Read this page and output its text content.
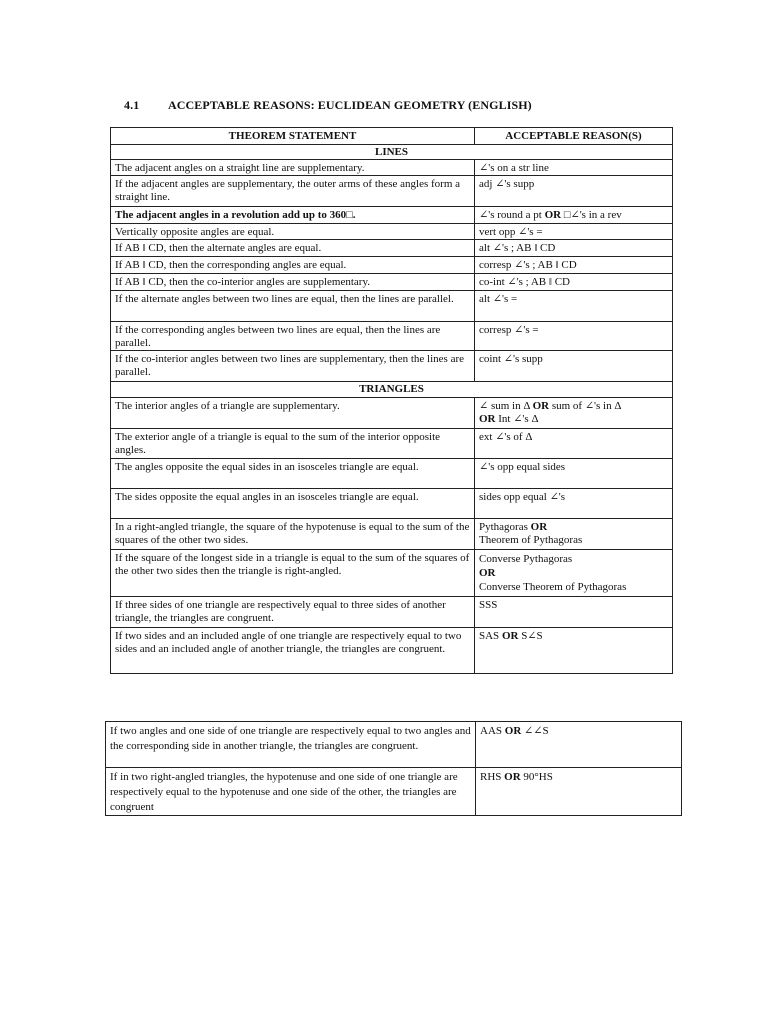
4.1 ACCEPTABLE REASONS: EUCLIDEAN GEOMETRY (ENGLISH)
THEOREM STATEMENT	ACCEPTABLE REASON(S)
LINES	
The adjacent angles on a straight line are supplementary.	∠'s on a str line
If the adjacent angles are supplementary, the outer arms of these angles form a straight line.	adj ∠'s supp
The adjacent angles in a revolution add up to 360□.	∠'s round a pt OR □∠'s in a rev
Vertically opposite angles are equal.	vert opp ∠'s =
If AB ‖ CD, then the alternate angles are equal.	alt ∠'s ; AB ‖ CD
If AB ‖ CD, then the corresponding angles are equal.	corresp ∠'s ; AB ‖ CD
If AB ‖ CD, then the co-interior angles are supplementary.	co-int ∠'s ; AB ‖ CD
If the alternate angles between two lines are equal, then the lines are parallel.	alt ∠'s =
If the corresponding angles between two lines are equal, then the lines are parallel.	corresp ∠'s =
If the co-interior angles between two lines are supplementary, then the lines are parallel.	coint ∠'s supp
TRIANGLES	
The interior angles of a triangle are supplementary.	∠ sum in Δ OR sum of ∠'s in Δ
OR Int ∠'s Δ
The exterior angle of a triangle is equal to the sum of the interior opposite angles.	ext ∠'s of Δ
The angles opposite the equal sides in an isosceles triangle are equal.	∠'s opp equal sides
The sides opposite the equal angles in an isosceles triangle are equal.	sides opp equal ∠'s
In a right-angled triangle, the square of the hypotenuse is equal to the sum of the squares of the other two sides.	Pythagoras OR
Theorem of Pythagoras
If the square of the longest side in a triangle is equal to the sum of the squares of the other two sides then the triangle is right-angled.	Converse Pythagoras
OR
Converse Theorem of Pythagoras
If three sides of one triangle are respectively equal to three sides of another triangle, the triangles are congruent.	SSS
If two sides and an included angle of one triangle are respectively equal to two sides and an included angle of another triangle, the triangles are congruent.	SAS OR S∠S
If two angles and one side of one triangle are respectively equal to two angles and the corresponding side in another triangle, the triangles are congruent.	AAS OR ∠∠S
If in two right-angled triangles, the hypotenuse and one side of one triangle are respectively equal to the hypotenuse and one side of the other, the triangles are congruent	RHS OR 90°HS
